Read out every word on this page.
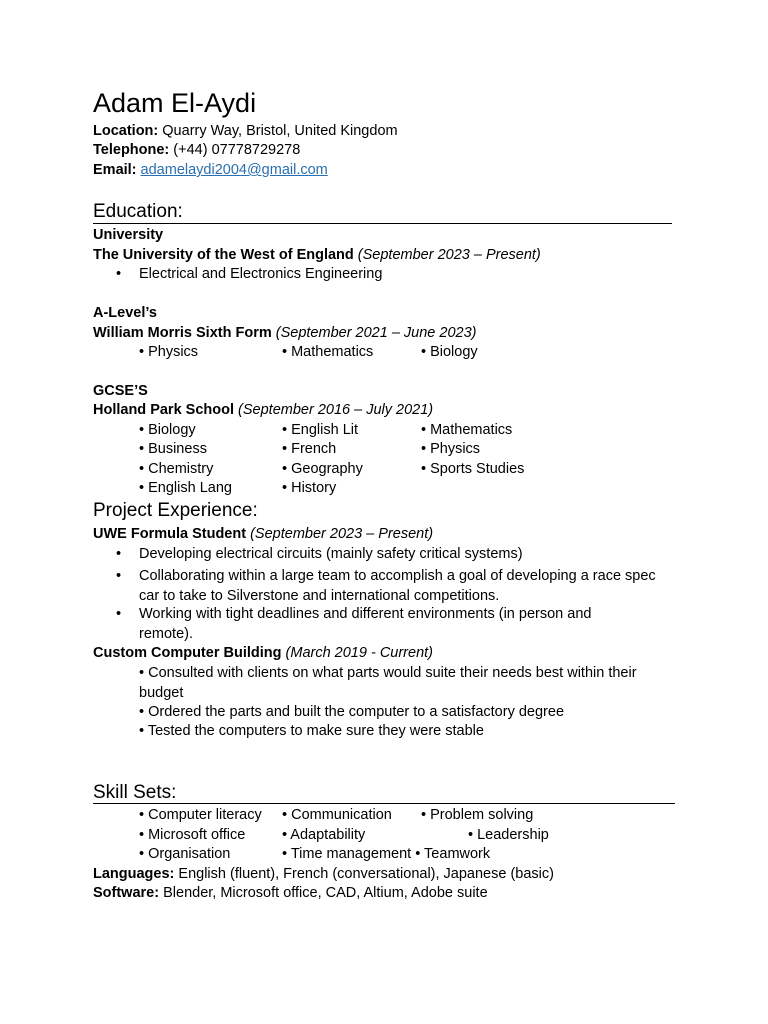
Adam El-Aydi
Location: Quarry Way, Bristol, United Kingdom
Telephone: (+44) 07778729278
Email: adamelaydi2004@gmail.com
Education:
University
The University of the West of England (September 2023 – Present)
• Electrical and Electronics Engineering
A-Level’s
William Morris Sixth Form (September 2021 – June 2023)
• Physics	• Mathematics	• Biology
GCSE’S
Holland Park School (September 2016 – July 2021)
• Biology
• Business
• Chemistry
• English Lang
• English Lit
• French
• Geography
• History
• Mathematics
• Physics
• Sports Studies
Project Experience:
UWE Formula Student (September 2023 – Present)
• Developing electrical circuits (mainly safety critical systems)
• Collaborating within a large team to accomplish a goal of developing a race spec car to take to Silverstone and international competitions.
• Working with tight deadlines and different environments (in person and remote).
Custom Computer Building (March 2019 - Current)
• Consulted with clients on what parts would suite their needs best within their budget
• Ordered the parts and built the computer to a satisfactory degree
• Tested the computers to make sure they were stable
Skill Sets:
• Computer literacy • Communication • Problem solving
• Microsoft office	• Adaptability	• Leadership
• Organisation	• Time management • Teamwork
Languages: English (fluent), French (conversational), Japanese (basic)
Software: Blender, Microsoft office, CAD, Altium, Adobe suite
